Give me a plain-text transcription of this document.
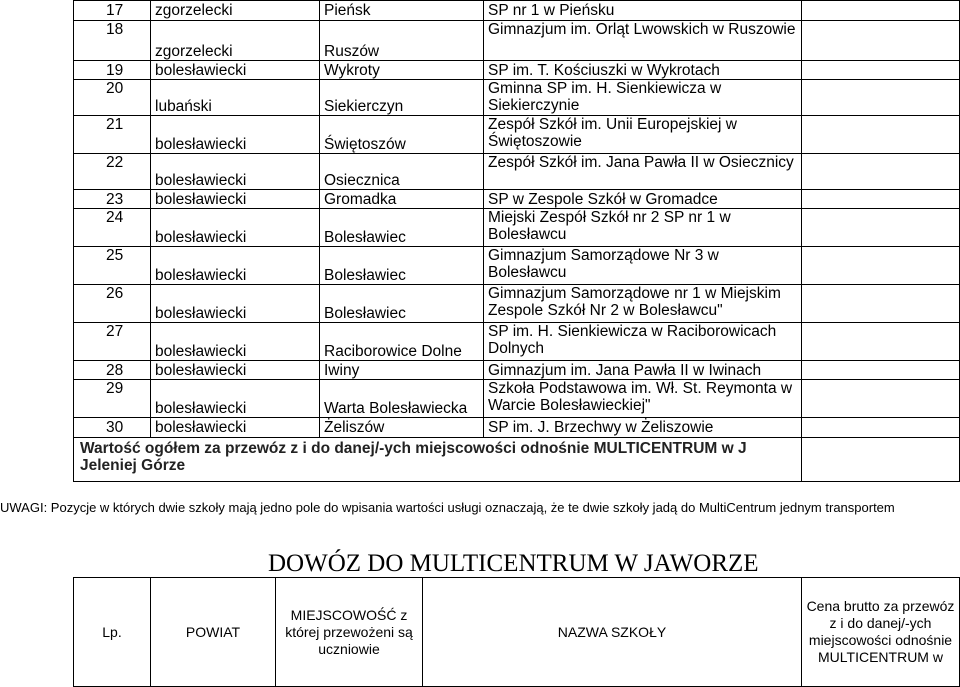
17	zgorzelecki	Pieńsk	SP nr 1 w Pieńsku	
18	zgorzelecki	Ruszów	Gimnazjum im. Orląt Lwowskich w Ruszowie	
19	bolesławiecki	Wykroty	SP im. T. Kościuszki w Wykrotach	
20	lubański	Siekierczyn	Gminna SP im. H. Sienkiewicza w Siekierczynie	
21	bolesławiecki	Świętoszów	Zespół Szkół im. Unii Europejskiej w Świętoszowie	
22	bolesławiecki	Osiecznica	Zespół Szkół im. Jana Pawła II w Osiecznicy	
23	bolesławiecki	Gromadka	SP w Zespole Szkół w Gromadce	
24	bolesławiecki	Bolesławiec	Miejski Zespół Szkół nr 2 SP nr 1 w Bolesławcu	
25	bolesławiecki	Bolesławiec	Gimnazjum Samorządowe Nr 3 w Bolesławcu	
26	bolesławiecki	Bolesławiec	Gimnazjum Samorządowe nr 1 w Miejskim Zespole Szkół Nr 2 w Bolesławcu"	
27	bolesławiecki	Raciborowice Dolne	SP im. H. Sienkiewicza w Raciborowicach Dolnych	
28	bolesławiecki	Iwiny	Gimnazjum im. Jana Pawła II w Iwinach	
29	bolesławiecki	Warta Bolesławiecka	Szkoła Podstawowa im. Wł. St. Reymonta w Warcie Bolesławieckiej"	
30	bolesławiecki	Żeliszów	SP im. J. Brzechwy w Żeliszowie	
Wartość ogółem za przewóz z i do danej/-ych miejscowości odnośnie MULTICENTRUM w J Jeleniej Górze				
UWAGI: Pozycje w których dwie szkoły mają jedno pole do wpisania wartości usługi oznaczają, że te dwie szkoły jadą do MultiCentrum jednym transportem
DOWÓZ DO MULTICENTRUM W JAWORZE
Lp.	POWIAT	MIEJSCOWOŚĆ z której przewożeni są uczniowie	NAZWA SZKOŁY	Cena brutto za przewóz z i do danej/-ych miejscowości odnośnie MULTICENTRUM w
